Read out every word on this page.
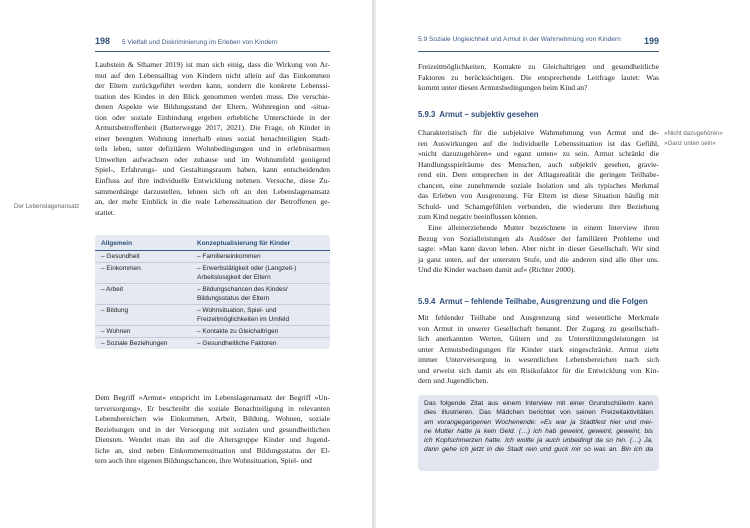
198 5 Vielfalt und Diskriminierung im Erleben von Kindern

Laubstein & Sthamer 2019) ist man sich einig, dass die Wirkung von Ar-

mut auf den Lebensalltag von Kindern nicht allein auf das Einkommen

der Eltern zurückgeführt werden kann, sondern die konkrete Lebenssi-

tuation des Kindes in den Blick genommen werden muss. Die verschie-

denen Aspekte wie Bildungsstand der Eltern, Wohnregion und -situa-

tion oder soziale Einbindung ergeben erhebliche Unterschiede in der

Armutsbetroffenheit (Butterwegge 2017, 2021). Die Frage, ob Kinder in

einer beengten Wohnung innerhalb eines sozial benachteiligten Stadt-

teils leben, unter defizitären Wohnbedingungen und in erlebnisarmen

Umwelten aufwachsen oder zuhause und im Wohnumfeld genügend

Spiel-, Erfahrungs- und Gestaltungsraum haben, kann entscheidenden

Einfluss auf ihre individuelle Entwicklung nehmen. Versuche, diese Zu-

sammenhänge darzustellen, lehnen sich oft an den Lebenslagenansatz

an, der mehr Einblick in die reale Lebenssituation der Betroffenen ge-

stattet.

Der Lebenslagenansatz
Allgemein	Konzeptualisierung für Kinder
– Gesundheit	– Familieneinkommen
– Einkommen	– Erwerbstätigkeit oder (Langzeit-) Arbeitslosigkeit der Eltern
– Arbeit	– Bildungschancen des Kindes/ Bildungsstatus der Eltern
– Bildung	– Wohnsituation, Spiel- und Freizeitmöglichkeiten im Umfeld
– Wohnen	– Kontakte zu Gleichaltrigen
– Soziale Beziehungen	– Gesundheitliche Faktoren

Dem Begriff »Armut« entspricht im Lebenslagenansatz der Begriff »Un-

terversorgung«. Er beschreibt die soziale Benachteiligung in relevanten

Lebensbereichen wie Einkommen, Arbeit, Bildung, Wohnen, soziale

Beziehungen und in der Versorgung mit sozialen und gesundheitlichen

Diensten. Wendet man ihn auf die Altersgruppe Kinder und Jugend-

liche an, sind neben Einkommenssituation und Bildungsstatus der El-

tern auch ihre eigenen Bildungschancen, ihre Wohnsituation, Spiel- und

5.9 Soziale Ungleichheit und Armut in der Wahrnehmung von Kindern	199

Freizeitmöglichkeiten, Kontakte zu Gleichaltrigen und gesundheitliche

Faktoren zu berücksichtigen. Die entsprechende Leitfrage lautet: Was

kommt unter diesen Armutsbedingungen beim Kind an?

5.9.3 Armut – subjektiv gesehen

Charakteristisch für die subjektive Wahrnehmung von Armut und de-

ren Auswirkungen auf die individuelle Lebenssituation ist das Gefühl,

»nicht dazuzugehören« und »ganz unten« zu sein. Armut schränkt die

Handlungsspielräume des Menschen, auch subjektiv gesehen, gravie-

rend ein. Dem entsprechen in der Alltagsrealität die geringen Teilhabe-

chancen, eine zunehmende soziale Isolation und als typisches Merkmal

das Erleben von Ausgrenzung. Für Eltern ist diese Situation häufig mit

Schuld- und Schamgefühlen verbunden, die wiederum ihre Beziehung

zum Kind negativ beeinflussen können.

Eine alleinerziehende Mutter bezeichnete in einem Interview ihren

Bezug von Sozialleistungen als Auslöser der familiären Probleme und

sagte: »Man kann davon leben. Aber nicht in dieser Gesellschaft. Wir sind

ja ganz unten, auf der untersten Stufe, und die anderen sind alle über uns.

Und die Kinder wachsen damit auf« (Richter 2000).

»Nicht dazugehören«
»Ganz unten sein«
5.9.4 Armut – fehlende Teilhabe, Ausgrenzung und die Folgen

Mit fehlender Teilhabe und Ausgrenzung sind wesentliche Merkmale

von Armut in unserer Gesellschaft benannt. Der Zugang zu gesellschaft-

lich anerkannten Werten, Gütern und zu Unterstützungsleistungen ist

unter Armutsbedingungen für Kinder stark eingeschränkt. Armut zieht

immer Unterversorgung in wesentlichen Lebensbereichen nach sich

und erweist sich damit als ein Risikofaktor für die Entwicklung von Kin-

dern und Jugendlichen.

Das folgende Zitat aus einem Interview mit einer Grundschülerin kann

dies illustrieren. Das Mädchen berichtet von seinen Freizeitaktivitäten

am vorangegangenen Wochenende: »Es war ja Stadtfest hier und mei-

ne Mutter hatte ja kein Geld. (…) ich hab geweint, geweint, geweint, bis

ich Kopfschmerzen hatte. Ich wollte ja auch unbedingt da so hin. (…) Ja,

dann gehe ich jetzt in die Stadt rein und guck mir so was an. Bin ich da
